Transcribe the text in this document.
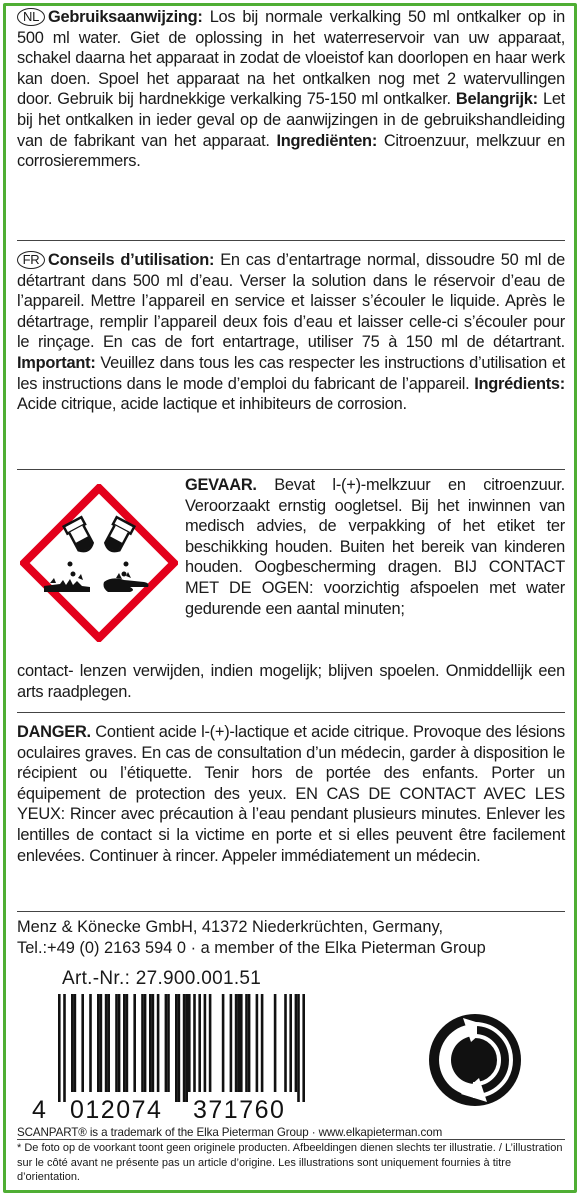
NL Gebruiksaanwijzing: Los bij normale verkalking 50 ml ontkalker op in 500 ml water. Giet de oplossing in het waterreservoir van uw apparaat, schakel daarna het apparaat in zodat de vloeistof kan doorlopen en haar werk kan doen. Spoel het apparaat na het ontkalken nog met 2 watervullingen door. Gebruik bij hardnekkige verkalking 75-150 ml ontkalker. Belangrijk: Let bij het ontkalken in ieder geval op de aanwijzingen in de gebruikshandleiding van de fabrikant van het apparaat. Ingrediënten: Citroenzuur, melkzuur en corrosieremmers.

FR Conseils d’utilisation: En cas d’entartrage normal, dissoudre 50 ml de détartrant dans 500 ml d’eau. Verser la solution dans le réservoir d’eau de l’appareil. Mettre l’appareil en service et laisser s’écouler le liquide. Après le détartrage, remplir l’appareil deux fois d’eau et laisser celle-ci s’écouler pour le rinçage. En cas de fort entartrage, utiliser 75 à 150 ml de détartrant. Important: Veuillez dans tous les cas respecter les instructions d’utilisation et les instructions dans le mode d’emploi du fabricant de l’appareil. Ingrédients: Acide citrique, acide lactique et inhibiteurs de corrosion.

GEVAAR. Bevat l-(+)-melkzuur en citroenzuur. Veroorzaakt ernstig oogletsel. Bij het inwinnen van medisch advies, de verpakking of het etiket ter beschikking houden. Buiten het bereik van kinderen houden. Oogbescherming dragen. BIJ CONTACT MET DE OGEN: voorzichtig afspoelen met water gedurende een aantal minuten;

contact- lenzen verwijden, indien mogelijk; blijven spoelen. Onmiddellijk een arts raadplegen.

DANGER. Contient acide l-(+)-lactique et acide citrique. Provoque des lésions oculaires graves. En cas de consultation d’un médecin, garder à disposition le récipient ou l’étiquette. Tenir hors de portée des enfants. Porter un équipement de protection des yeux. EN CAS DE CONTACT AVEC LES YEUX: Rincer avec précaution à l’eau pendant plusieurs minutes. Enlever les lentilles de contact si la victime en porte et si elles peuvent être facilement enlevées. Continuer à rincer. Appeler immédiatement un médecin.

Menz & Könecke GmbH, 41372 Niederkrüchten, Germany,
Tel.:+49 (0) 2163 594 0 · a member of the Elka Pieterman Group

Art.-Nr.: 27.900.001.51
4 012074 371760
SCANPART® is a trademark of the Elka Pieterman Group · www.elkapieterman.com

* De foto op de voorkant toont geen originele producten. Afbeeldingen dienen slechts ter illustratie. / L’illustration sur le côté avant ne présente pas un article d’origine. Les illustrations sont uniquement fournies à titre d’orientation.
